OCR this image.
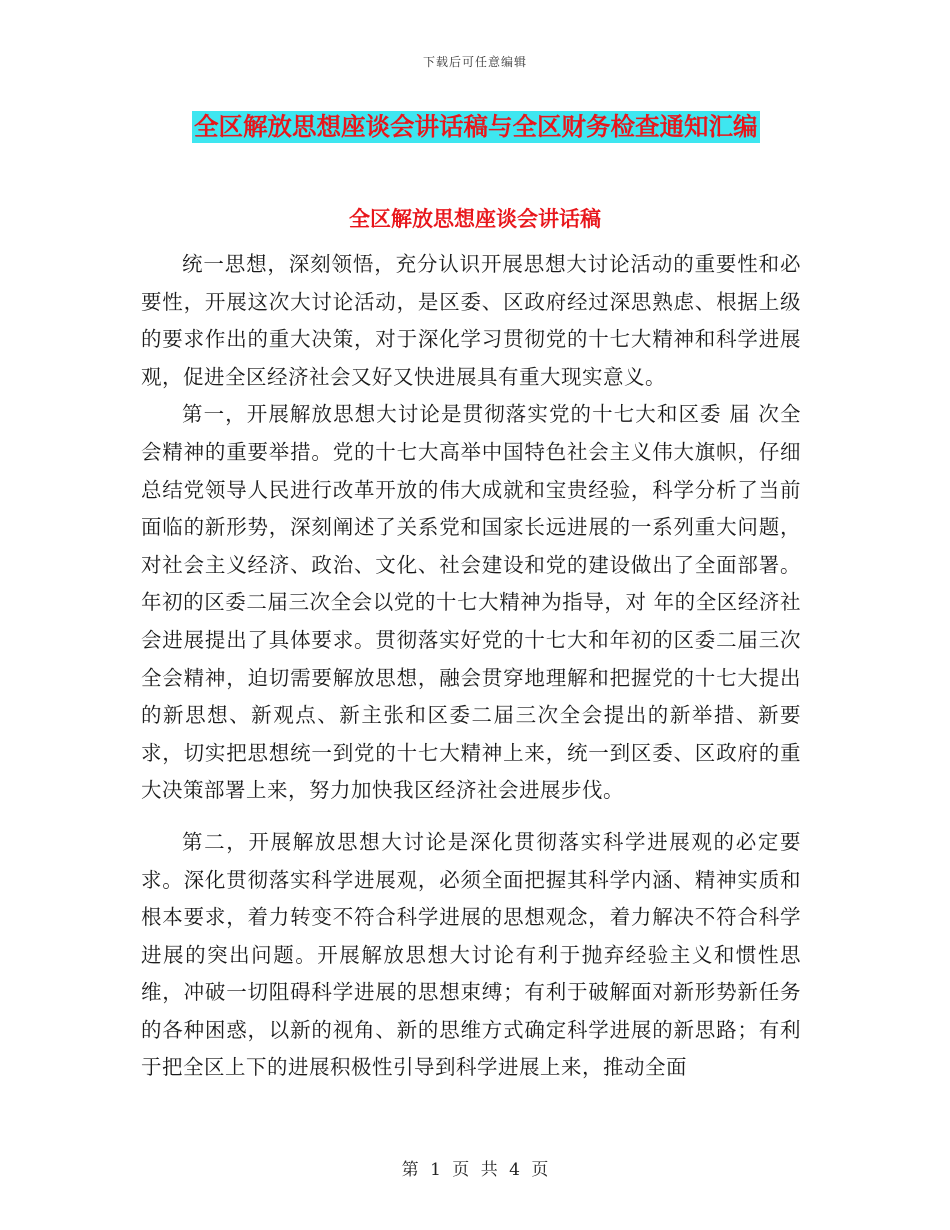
下载后可任意编辑
全区解放思想座谈会讲话稿与全区财务检查通知汇编
全区解放思想座谈会讲话稿

统一思想，深刻领悟，充分认识开展思想大讨论活动的重要性和必要性，开展这次大讨论活动，是区委、区政府经过深思熟虑、根据上级的要求作出的重大决策，对于深化学习贯彻党的十七大精神和科学进展观，促进全区经济社会又好又快进展具有重大现实意义。

第一，开展解放思想大讨论是贯彻落实党的十七大和区委 届 次全会精神的重要举措。党的十七大高举中国特色社会主义伟大旗帜，仔细总结党领导人民进行改革开放的伟大成就和宝贵经验，科学分析了当前面临的新形势，深刻阐述了关系党和国家长远进展的一系列重大问题，对社会主义经济、政治、文化、社会建设和党的建设做出了全面部署。年初的区委二届三次全会以党的十七大精神为指导，对 年的全区经济社会进展提出了具体要求。贯彻落实好党的十七大和年初的区委二届三次全会精神，迫切需要解放思想，融会贯穿地理解和把握党的十七大提出的新思想、新观点、新主张和区委二届三次全会提出的新举措、新要求，切实把思想统一到党的十七大精神上来，统一到区委、区政府的重大决策部署上来，努力加快我区经济社会进展步伐。

第二，开展解放思想大讨论是深化贯彻落实科学进展观的必定要求。深化贯彻落实科学进展观，必须全面把握其科学内涵、精神实质和根本要求，着力转变不符合科学进展的思想观念，着力解决不符合科学进展的突出问题。开展解放思想大讨论有利于抛弃经验主义和惯性思维，冲破一切阻碍科学进展的思想束缚；有利于破解面对新形势新任务的各种困惑，以新的视角、新的思维方式确定科学进展的新思路；有利于把全区上下的进展积极性引导到科学进展上来，推动全面

第 1 页 共 4 页
